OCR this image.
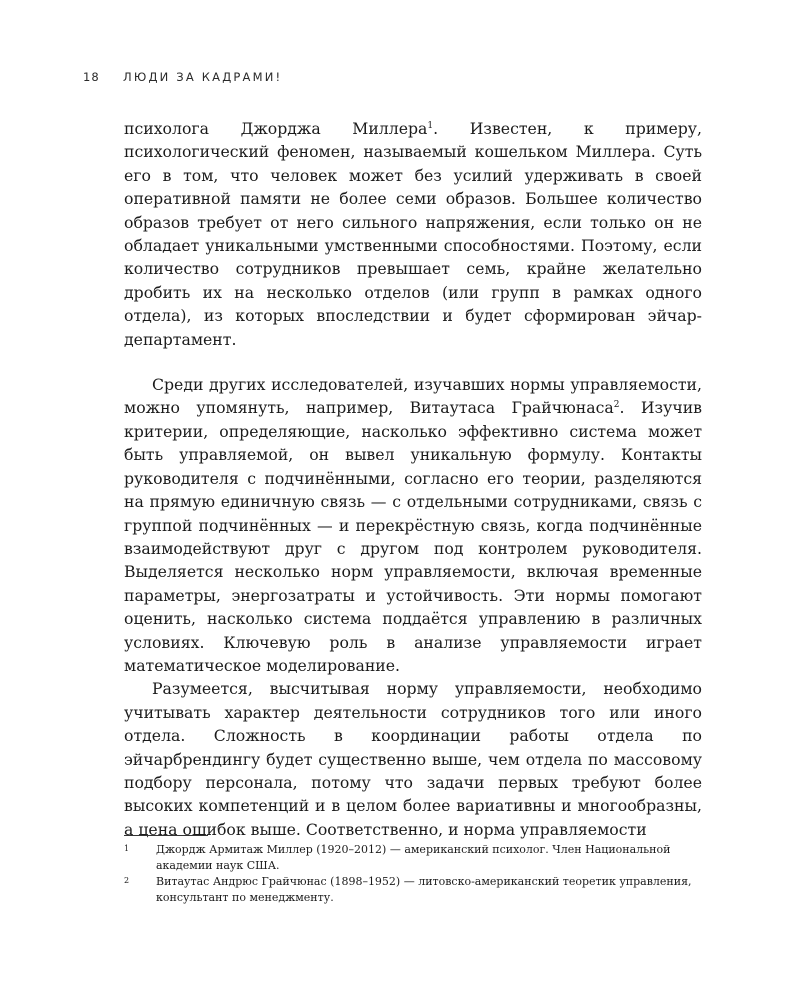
18 ЛЮДИ ЗА КАДРАМИ!

психолога Джорджа Миллера$^1$. Известен, к примеру, психологический феномен, называемый кошельком Миллера. Суть его в том, что человек может без усилий удерживать в своей оперативной памяти не более семи образов. Большее количество образов требует от него сильного напряжения, если только он не обладает уникальными умственными способностями. Поэтому, если количество сотрудников превышает семь, крайне желательно дробить их на несколько отделов (или групп в рамках одного отдела), из которых впоследствии и будет сформирован эйчар-департамент.

Среди других исследователей, изучавших нормы управляемости, можно упомянуть, например, Витаутаса Грайчюнаса$^2$. Изучив критерии, определяющие, насколько эффективно система может быть управляемой, он вывел уникальную формулу. Контакты руководителя с подчинёнными, согласно его теории, разделяются на прямую единичную связь — с отдельными сотрудниками, связь с группой подчинённых — и перекрёстную связь, когда подчинённые взаимодействуют друг с другом под контролем руководителя. Выделяется несколько норм управляемости, включая временные параметры, энергозатраты и устойчивость. Эти нормы помогают оценить, насколько система поддаётся управлению в различных условиях. Ключевую роль в анализе управляемости играет математическое моделирование.

Разумеется, высчитывая норму управляемости, необходимо учитывать характер деятельности сотрудников того или иного отдела. Сложность в координации работы отдела по эйчарбрендингу будет существенно выше, чем отдела по массовому подбору персонала, потому что задачи первых требуют более высоких компетенций и в целом более вариативны и многообразны, а цена ошибок выше. Соответственно, и норма управляемости

1	Джордж Армитаж Миллер (1920–2012) — американский психолог. Член Национальной академии наук США.
2	Витаутас Андрюс Грайчюнас (1898–1952) — литовско-американский теоретик управления, консультант по менеджменту.
